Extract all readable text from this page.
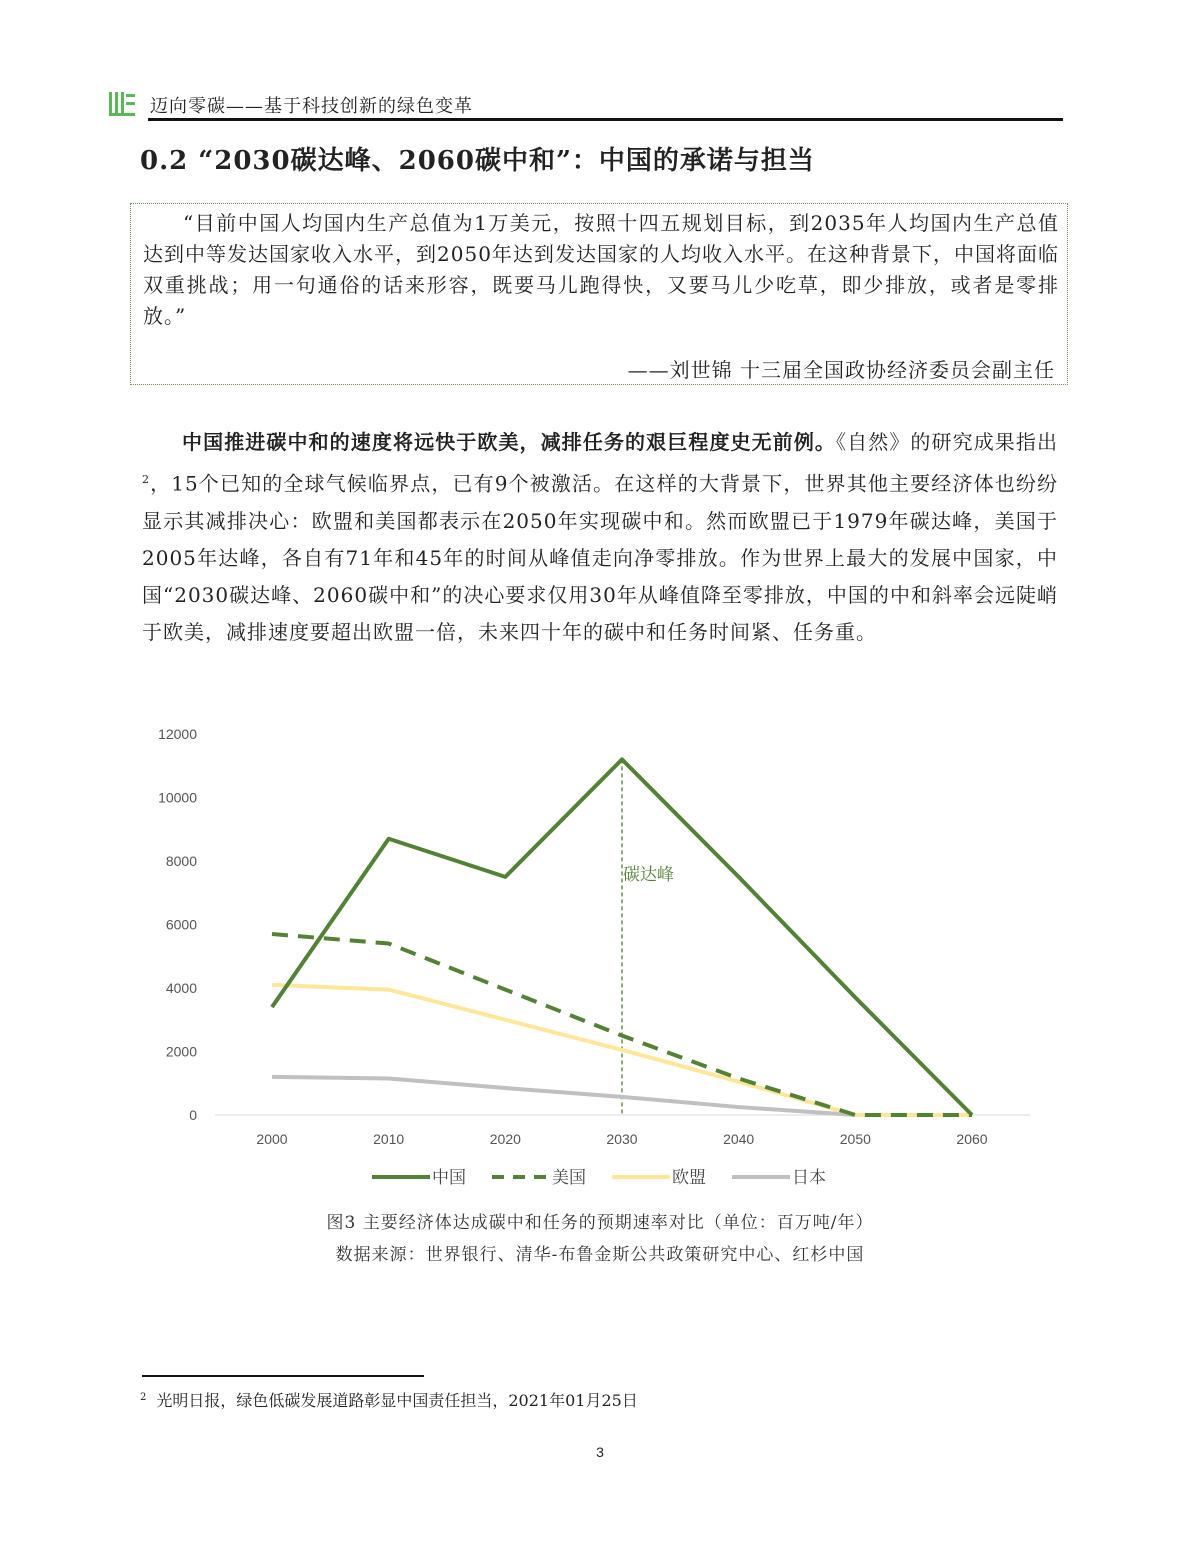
迈向零碳——基于科技创新的绿色变革
0.2 “2030碳达峰、2060碳中和”：中国的承诺与担当

“目前中国人均国内生产总值为1万美元，按照十四五规划目标，到2035年人均国内生产总值达到中等发达国家收入水平，到2050年达到发达国家的人均收入水平。在这种背景下，中国将面临双重挑战；用一句通俗的话来形容，既要马儿跑得快，又要马儿少吃草，即少排放，或者是零排放。”

——刘世锦 十三届全国政协经济委员会副主任

中国推进碳中和的速度将远快于欧美，减排任务的艰巨程度史无前例。《自然》的研究成果指出$^2$，15个已知的全球气候临界点，已有9个被激活。在这样的大背景下，世界其他主要经济体也纷纷显示其减排决心：欧盟和美国都表示在2050年实现碳中和。然而欧盟已于1979年碳达峰，美国于2005年达峰，各自有71年和45年的时间从峰值走向净零排放。作为世界上最大的发展中国家，中国“2030碳达峰、2060碳中和”的决心要求仅用30年从峰值降至零排放，中国的中和斜率会远陡峭于欧美，减排速度要超出欧盟一倍，未来四十年的碳中和任务时间紧、任务重。

0
2000
4000
6000
8000
10000
12000
2000	2010	2020	2030	2040	2050	2060
碳达峰
中国	美国	欧盟	日本
图3 主要经济体达成碳中和任务的预期速率对比（单位：百万吨/年）
数据来源：世界银行、清华-布鲁金斯公共政策研究中心、红杉中国
$^2$ 光明日报，绿色低碳发展道路彰显中国责任担当，2021年01月25日
3
